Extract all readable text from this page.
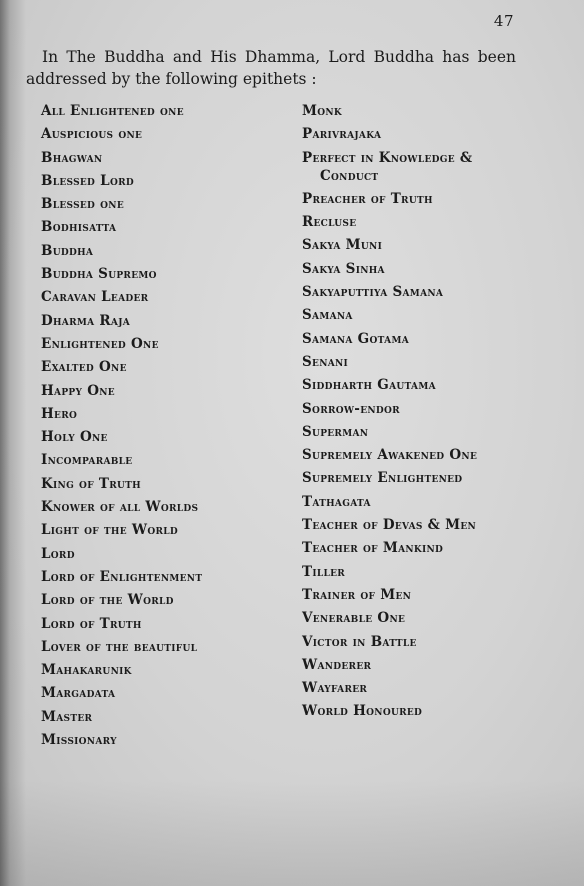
47

In The Buddha and His Dhamma, Lord Buddha has been addressed by the following epithets :

All Enlightened one
Auspicious one
Bhagwan
Blessed Lord
Blessed one
Bodhisatta
Buddha
Buddha Supremo
Caravan Leader
Dharma Raja
Enlightened One
Exalted One
Happy One
Hero
Holy One
Incomparable
King of Truth
Knower of all Worlds
Light of the World
Lord
Lord of Enlightenment
Lord of the World
Lord of Truth
Lover of the beautiful
Mahakarunik
Margadata
Master
Missionary
Monk
Parivrajaka
Perfect in Knowledge &
Conduct
Preacher of Truth
Recluse
Sakya Muni
Sakya Sinha
Sakyaputtiya Samana
Samana
Samana Gotama
Senani
Siddharth Gautama
Sorrow-endor
Superman
Supremely Awakened One
Supremely Enlightened
Tathagata
Teacher of Devas & Men
Teacher of Mankind
Tiller
Trainer of Men
Venerable One
Victor in Battle
Wanderer
Wayfarer
World Honoured
